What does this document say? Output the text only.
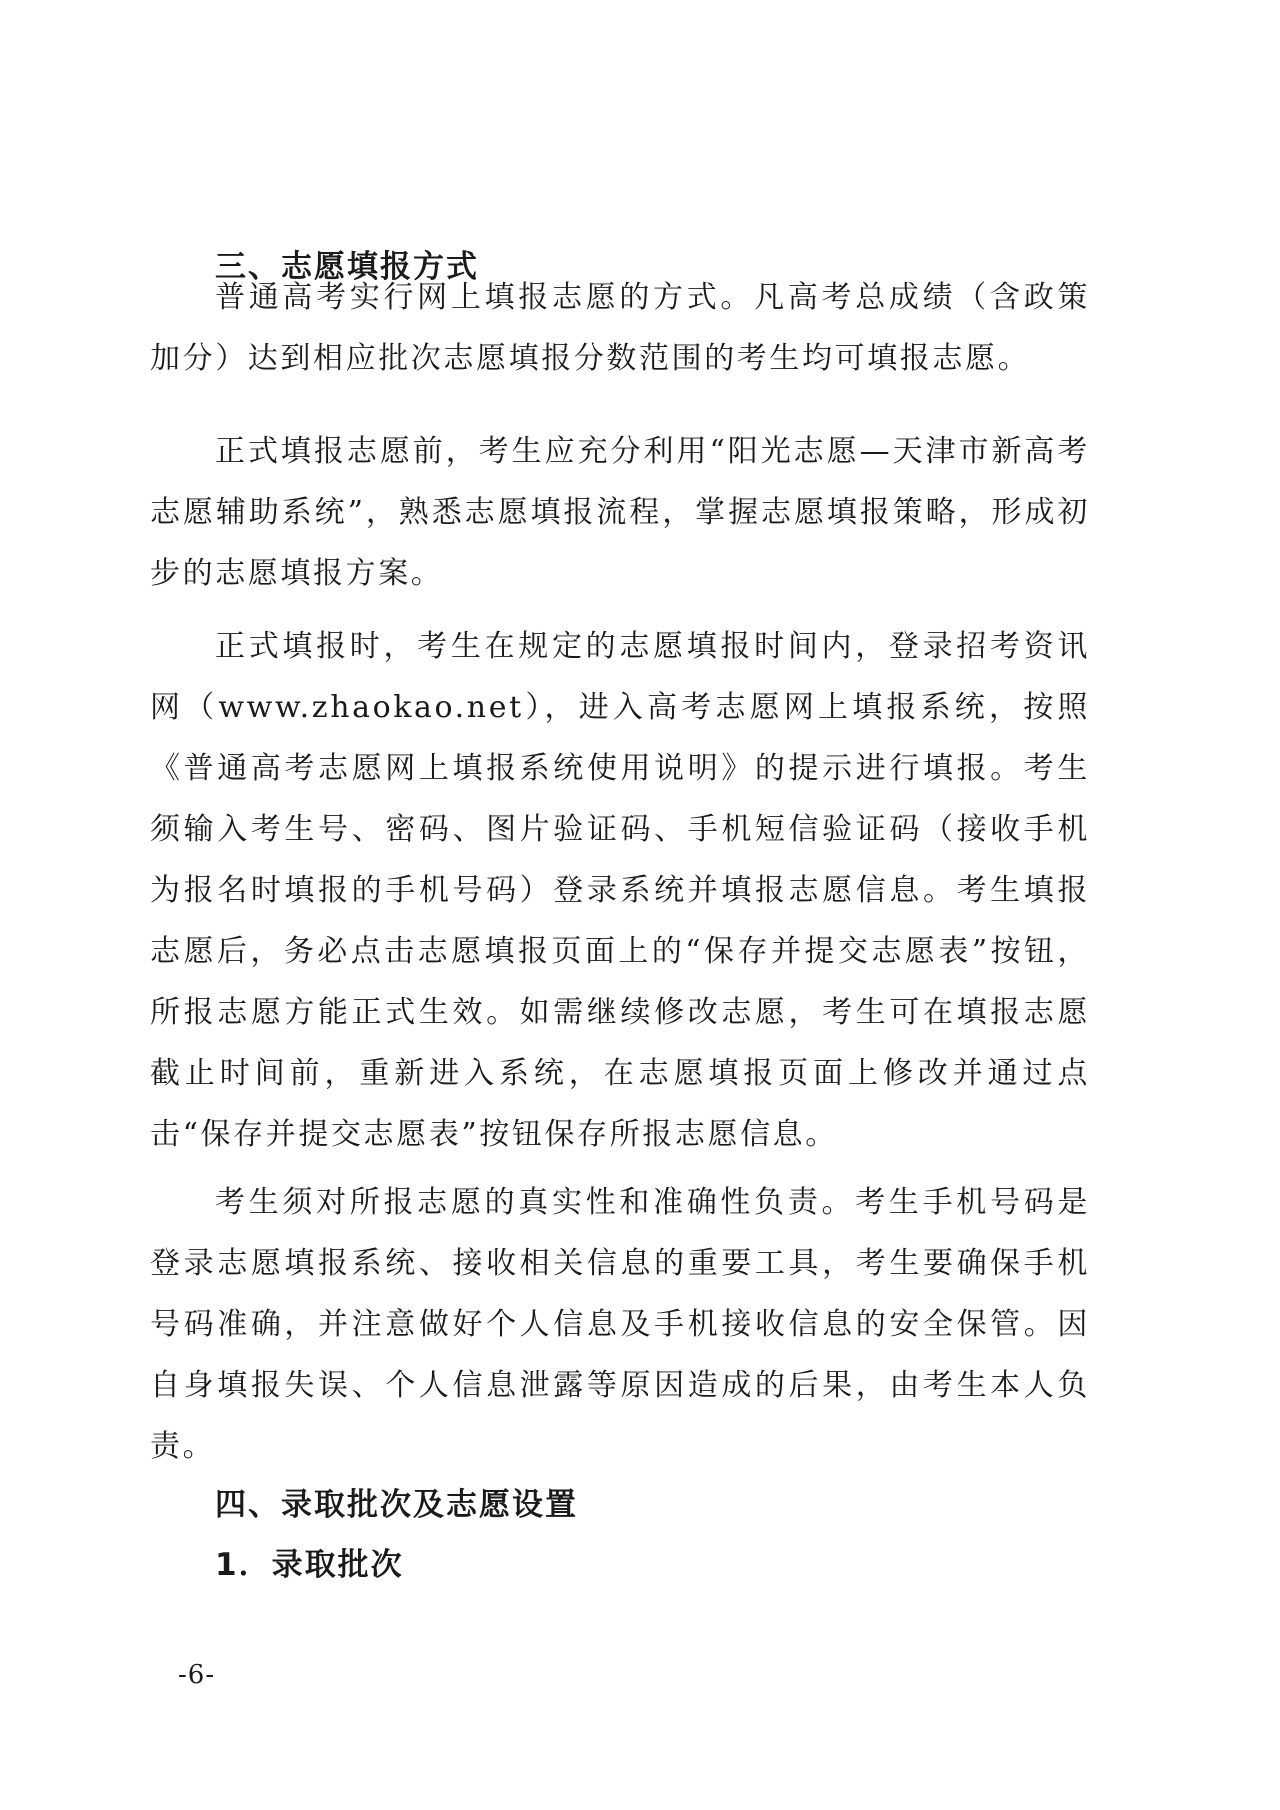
三、志愿填报方式

普通高考实行网上填报志愿的方式。凡高考总成绩（含政策加分）达到相应批次志愿填报分数范围的考生均可填报志愿。

正式填报志愿前，考生应充分利用“阳光志愿—天津市新高考志愿辅助系统”，熟悉志愿填报流程，掌握志愿填报策略，形成初步的志愿填报方案。

正式填报时，考生在规定的志愿填报时间内，登录招考资讯网（www.zhaokao.net），进入高考志愿网上填报系统，按照《普通高考志愿网上填报系统使用说明》的提示进行填报。考生须输入考生号、密码、图片验证码、手机短信验证码（接收手机为报名时填报的手机号码）登录系统并填报志愿信息。考生填报志愿后，务必点击志愿填报页面上的“保存并提交志愿表”按钮，所报志愿方能正式生效。如需继续修改志愿，考生可在填报志愿截止时间前，重新进入系统，在志愿填报页面上修改并通过点击“保存并提交志愿表”按钮保存所报志愿信息。

考生须对所报志愿的真实性和准确性负责。考生手机号码是登录志愿填报系统、接收相关信息的重要工具，考生要确保手机号码准确，并注意做好个人信息及手机接收信息的安全保管。因自身填报失误、个人信息泄露等原因造成的后果，由考生本人负责。

四、录取批次及志愿设置
1．录取批次
-6-
